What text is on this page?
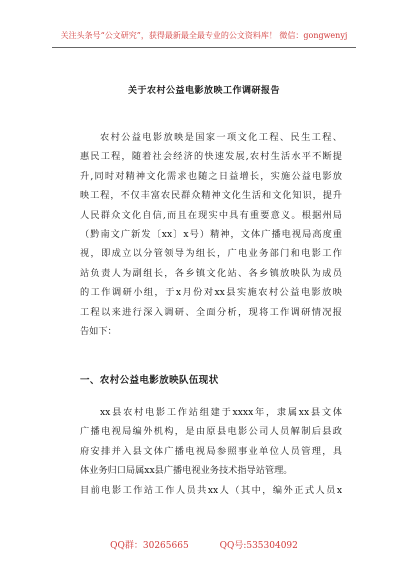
关注头条号“公文研究”，获得最新最全最专业的公文资料库！ 微信：gongwenyj
关于农村公益电影放映工作调研报告
农村公益电影放映是国家一项文化工程、民生工程、
惠民工程，随着社会经济的快速发展,农村生活水平不断提
升,同时对精神文化需求也随之日益增长，实施公益电影放
映工程，不仅丰富农民群众精神文化生活和文化知识，提升
人民群众文化自信,而且在现实中具有重要意义。根据州局
（黔南文广新发〔xx〕x号）精神，文体广播电视局高度重
视，即成立以分管领导为组长，广电业务部门和电影工作
站负责人为副组长，各乡镇文化站、各乡镇放映队为成员
的工作调研小组，于x月份对xx县实施农村公益电影放映
工程以来进行深入调研、全面分析，现将工作调研情况报
告如下：
一、农村公益电影放映队伍现状
xx县农村电影工作站组建于xxxx年，隶属xx县文体
广播电视局编外机构，是由原县电影公司人员解制后县政
府安排并入县文体广播电视局参照事业单位人员管理，具
体业务归口局属xx县广播电视业务技术指导站管理。
目前电影工作站工作人员共xx人（其中，编外正式人员x
QQ群：30265665	QQ号:535304092
